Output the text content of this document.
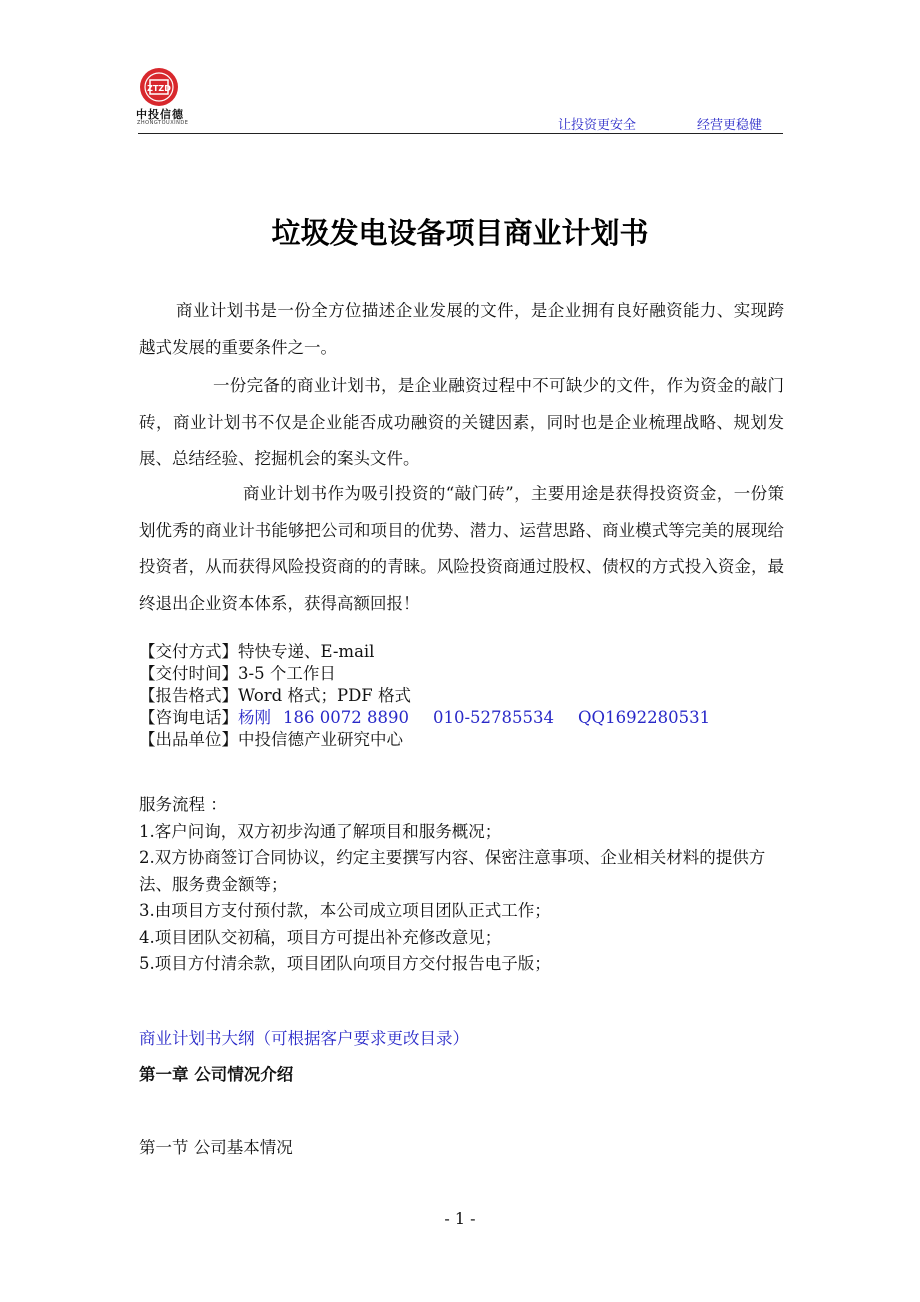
ZTZD
中投信德
ZHONGTOUXINDE	让投资更安全	经营更稳健
垃圾发电设备项目商业计划书

商业计划书是一份全方位描述企业发展的文件，是企业拥有良好融资能力、实现跨越式发展的重要条件之一。

一份完备的商业计划书，是企业融资过程中不可缺少的文件，作为资金的敲门砖，商业计划书不仅是企业能否成功融资的关键因素，同时也是企业梳理战略、规划发展、总结经验、挖掘机会的案头文件。

商业计划书作为吸引投资的“敲门砖”，主要用途是获得投资资金，一份策划优秀的商业计书能够把公司和项目的优势、潜力、运营思路、商业模式等完美的展现给投资者，从而获得风险投资商的的青睐。风险投资商通过股权、债权的方式投入资金，最终退出企业资本体系，获得高额回报！

【交付方式】特快专递、E-mail
【交付时间】3-5 个工作日
【报告格式】Word 格式；PDF 格式
【咨询电话】杨刚 186 0072 8890 010-52785534 QQ1692280531
【出品单位】中投信德产业研究中心

服务流程 ：

1.客户问询，双方初步沟通了解项目和服务概况；

2.双方协商签订合同协议，约定主要撰写内容、保密注意事项、企业相关材料的提供方法、服务费金额等；

3.由项目方支付预付款，本公司成立项目团队正式工作；

4.项目团队交初稿，项目方可提出补充修改意见；

5.项目方付清余款，项目团队向项目方交付报告电子版；

商业计划书大纲（可根据客户要求更改目录）
第一章 公司情况介绍
第一节 公司基本情况
- 1 -
